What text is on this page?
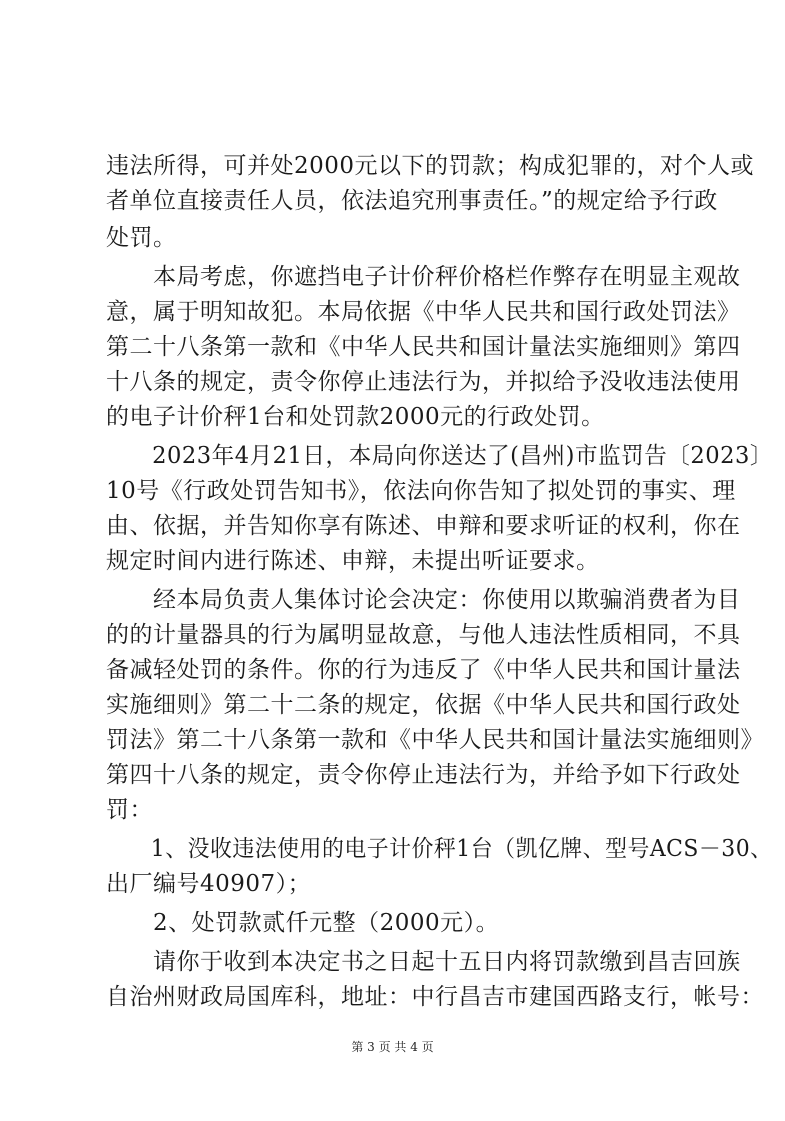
违法所得，可并处2000元以下的罚款；构成犯罪的，对个人或
者单位直接责任人员，依法追究刑事责任。”的规定给予行政
处罚。
　　本局考虑，你遮挡电子计价秤价格栏作弊存在明显主观故
意，属于明知故犯。本局依据《中华人民共和国行政处罚法》
第二十八条第一款和《中华人民共和国计量法实施细则》第四
十八条的规定，责令你停止违法行为，并拟给予没收违法使用
的电子计价秤1台和处罚款2000元的行政处罚。
　　2023年4月21日，本局向你送达了(昌州)市监罚告〔2023〕
10号《行政处罚告知书》，依法向你告知了拟处罚的事实、理
由、依据，并告知你享有陈述、申辩和要求听证的权利，你在
规定时间内进行陈述、申辩，未提出听证要求。
　　经本局负责人集体讨论会决定：你使用以欺骗消费者为目
的的计量器具的行为属明显故意，与他人违法性质相同，不具
备减轻处罚的条件。你的行为违反了《中华人民共和国计量法
实施细则》第二十二条的规定，依据《中华人民共和国行政处
罚法》第二十八条第一款和《中华人民共和国计量法实施细则》
第四十八条的规定，责令你停止违法行为，并给予如下行政处
罚：
　　1、没收违法使用的电子计价秤1台（凯亿牌、型号ACS－30、
出厂编号40907）；
　　2、处罚款贰仟元整（2000元）。
　　请你于收到本决定书之日起十五日内将罚款缴到昌吉回族
自治州财政局国库科，地址：中行昌吉市建国西路支行，帐号：
第 3 页 共 4 页
